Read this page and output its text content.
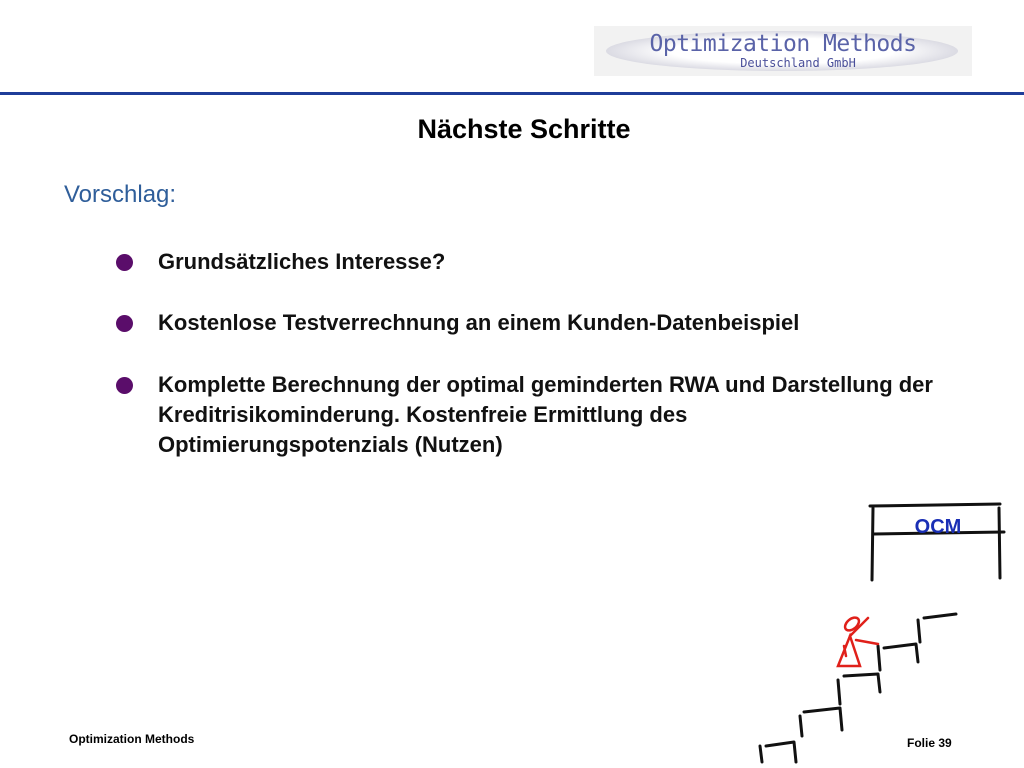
Optimization Methods
Deutschland GmbH
Nächste Schritte
Vorschlag:
Grundsätzliches Interesse?
Kostenlose Testverrechnung an einem Kunden-Datenbeispiel
Komplette Berechnung der optimal geminderten RWA und Darstellung der Kreditrisikominderung. Kostenfreie Ermittlung des Optimierungspotenzials (Nutzen)
OCM
Optimization Methods	Folie 39
